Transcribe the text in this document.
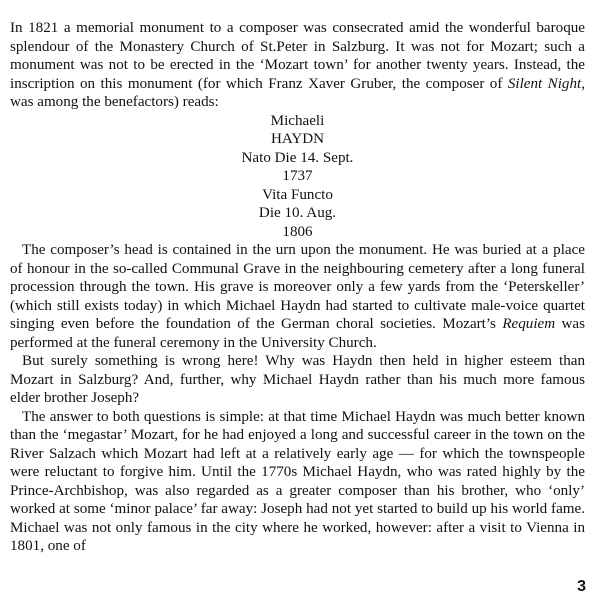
In 1821 a memorial monument to a composer was consecrated amid the wonderful baroque splendour of the Monastery Church of St.Peter in Salzburg. It was not for Mozart; such a monument was not to be erected in the ‘Mozart town’ for another twenty years. Instead, the inscription on this monument (for which Franz Xaver Gruber, the composer of Silent Night, was among the benefactors) reads:

Michaeli
HAYDN
Nato Die 14. Sept.
1737
Vita Functo
Die 10. Aug.
1806

The composer’s head is contained in the urn upon the monument. He was buried at a place of honour in the so-called Communal Grave in the neighbouring cemetery after a long funeral procession through the town. His grave is moreover only a few yards from the ‘Peterskeller’ (which still exists today) in which Michael Haydn had started to cultivate male-voice quartet singing even before the foundation of the German choral societies. Mozart’s Requiem was performed at the funeral ceremony in the University Church.

But surely something is wrong here! Why was Haydn then held in higher esteem than Mozart in Salzburg? And, further, why Michael Haydn rather than his much more famous elder brother Joseph?

The answer to both questions is simple: at that time Michael Haydn was much better known than the ‘megastar’ Mozart, for he had enjoyed a long and successful career in the town on the River Salzach which Mozart had left at a relatively early age — for which the townspeople were reluctant to forgive him. Until the 1770s Michael Haydn, who was rated highly by the Prince-Archbishop, was also regarded as a greater composer than his brother, who ‘only’ worked at some ‘minor palace’ far away: Joseph had not yet started to build up his world fame. Michael was not only famous in the city where he worked, however: after a visit to Vienna in 1801, one of

3
